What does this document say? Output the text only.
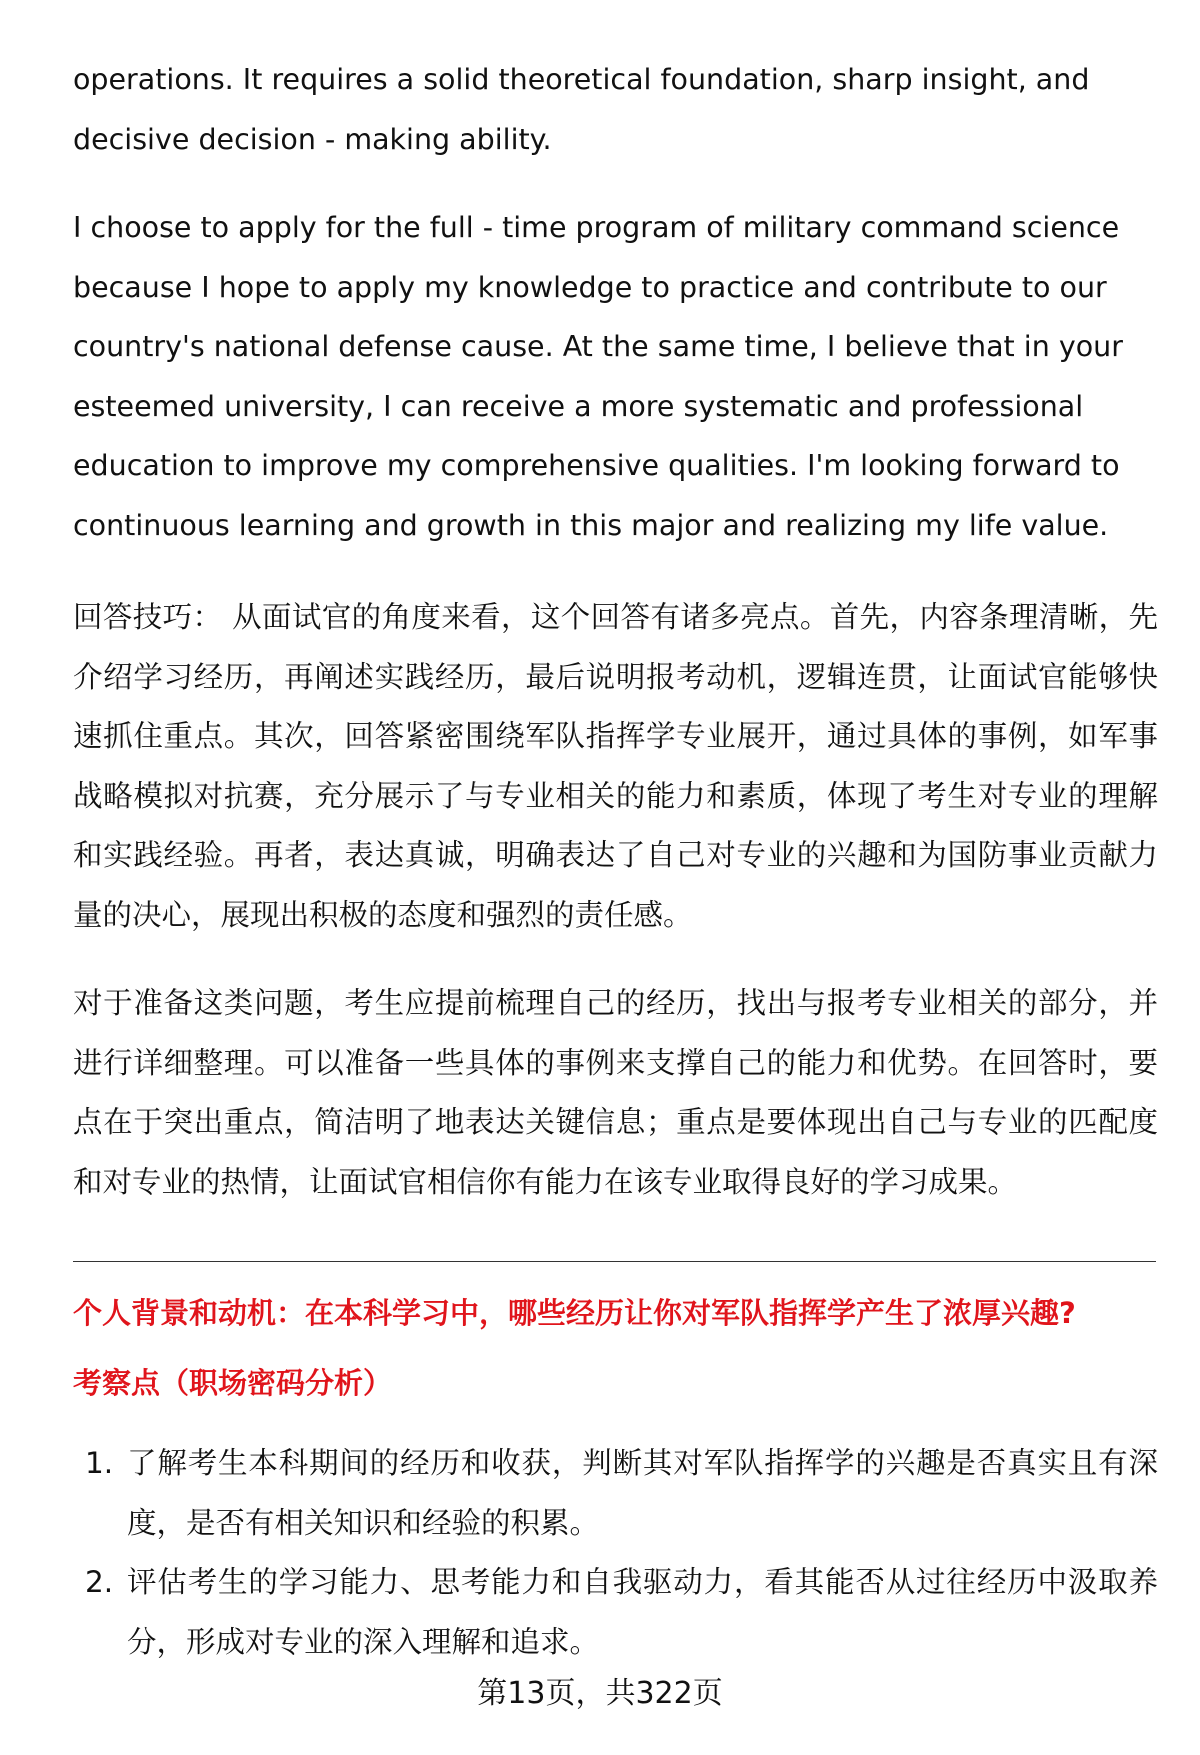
operations. It requires a solid theoretical foundation, sharp insight, and decisive decision - making ability.

I choose to apply for the full - time program of military command science because I hope to apply my knowledge to practice and contribute to our country's national defense cause. At the same time, I believe that in your esteemed university, I can receive a more systematic and professional education to improve my comprehensive qualities. I'm looking forward to continuous learning and growth in this major and realizing my life value.

回答技巧： 从面试官的角度来看，这个回答有诸多亮点。首先，内容条理清晰，先介绍学习经历，再阐述实践经历，最后说明报考动机，逻辑连贯，让面试官能够快速抓住重点。其次，回答紧密围绕军队指挥学专业展开，通过具体的事例，如军事战略模拟对抗赛，充分展示了与专业相关的能力和素质，体现了考生对专业的理解和实践经验。再者，表达真诚，明确表达了自己对专业的兴趣和为国防事业贡献力量的决心，展现出积极的态度和强烈的责任感。

对于准备这类问题，考生应提前梳理自己的经历，找出与报考专业相关的部分，并进行详细整理。可以准备一些具体的事例来支撑自己的能力和优势。在回答时，要点在于突出重点，简洁明了地表达关键信息；重点是要体现出自己与专业的匹配度和对专业的热情，让面试官相信你有能力在该专业取得良好的学习成果。

个人背景和动机：在本科学习中，哪些经历让你对军队指挥学产生了浓厚兴趣?

考察点（职场密码分析）

1. 了解考生本科期间的经历和收获，判断其对军队指挥学的兴趣是否真实且有深度，是否有相关知识和经验的积累。
2. 评估考生的学习能力、思考能力和自我驱动力，看其能否从过往经历中汲取养分，形成对专业的深入理解和追求。
第13页，共322页
